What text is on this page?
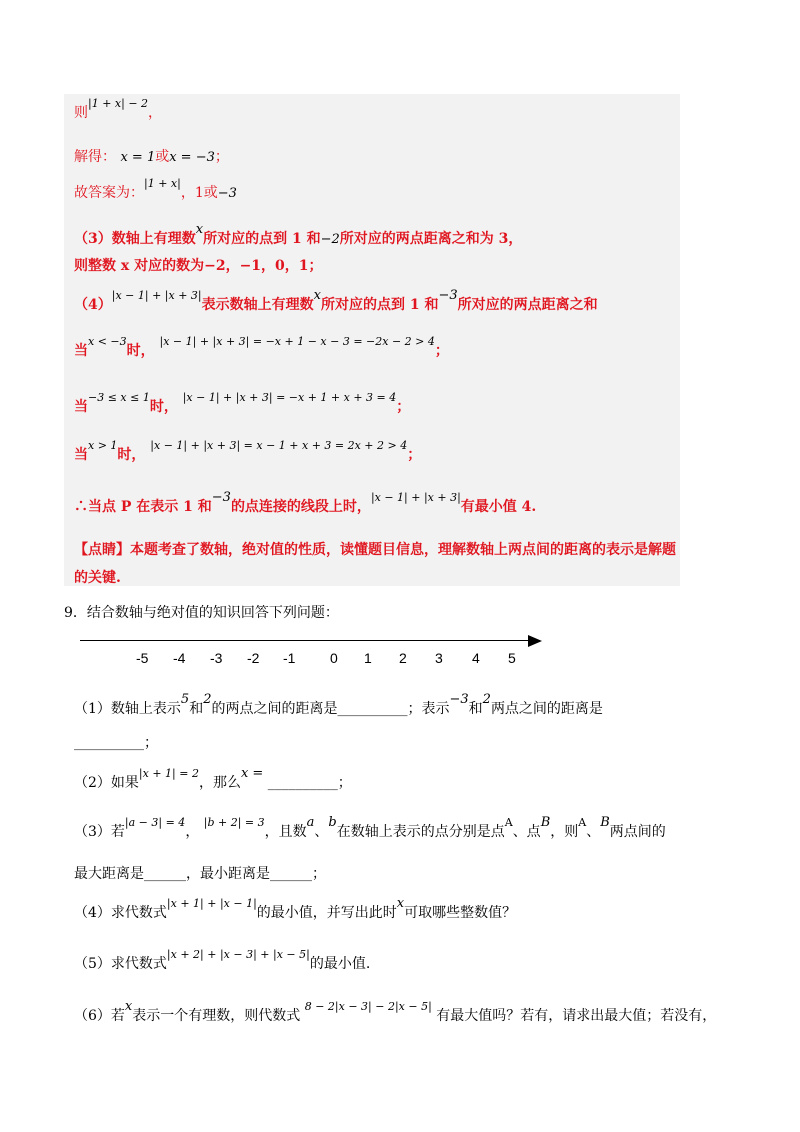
则$^{|1 + x| - 2}$，
解得： x = 1或x = −3；
故答案为：$^{|1 + x|}$，1或−3
（3）数轴上有理数x所对应的点到 1 和−2所对应的两点距离之和为 3，
则整数 x 对应的数为−2，−1，0，1；
$(4)^{|x - 1| + |x + 3|}$表示数轴上有理数x所对应的点到 1 和−3所对应的两点距离之和
当$^{x < -3}$时， $^{|x - 1| + |x + 3| = -x + 1 - x - 3 = -2x - 2 > 4}$；
当$^{-3 \le x \le 1}$时， $^{|x - 1| + |x + 3| = -x + 1 + x + 3 = 4}$；
当$^{x > 1}$时， $^{|x - 1| + |x + 3| = x - 1 + x + 3 = 2x + 2 > 4}$；
∴当点 P 在表示 1 和−3的点连接的线段上时，$^{|x - 1| + |x + 3|}$有最小值 4.
【点睛】本题考查了数轴，绝对值的性质，读懂题目信息，理解数轴上两点间的距离的表示是解题
的关键.
9．结合数轴与绝对值的知识回答下列问题：
-5 -4 -3 -2 -1 0 1 2 3 4 5
（1）数轴上表示5和2的两点之间的距离是__________；表示−3和2两点之间的距离是
__________；
（2）如果$^{|x + 1| = 2}$，那么x = __________；
（3）若$^{|a - 3| = 4}$， $^{|b + 2| = 3}$，且数a、b在数轴上表示的点分别是点$^A$、点B，则$^A$、B两点间的
最大距离是______，最小距离是______；
（4）求代数式$^{|x + 1| + |x - 1|}$的最小值，并写出此时x可取哪些整数值？
（5）求代数式$^{|x + 2| + |x - 3| + |x - 5|}$的最小值.
（6）若x表示一个有理数，则代数式 $^{8 - 2|x - 3| - 2|x - 5|}$ 有最大值吗？若有，请求出最大值；若没有，
